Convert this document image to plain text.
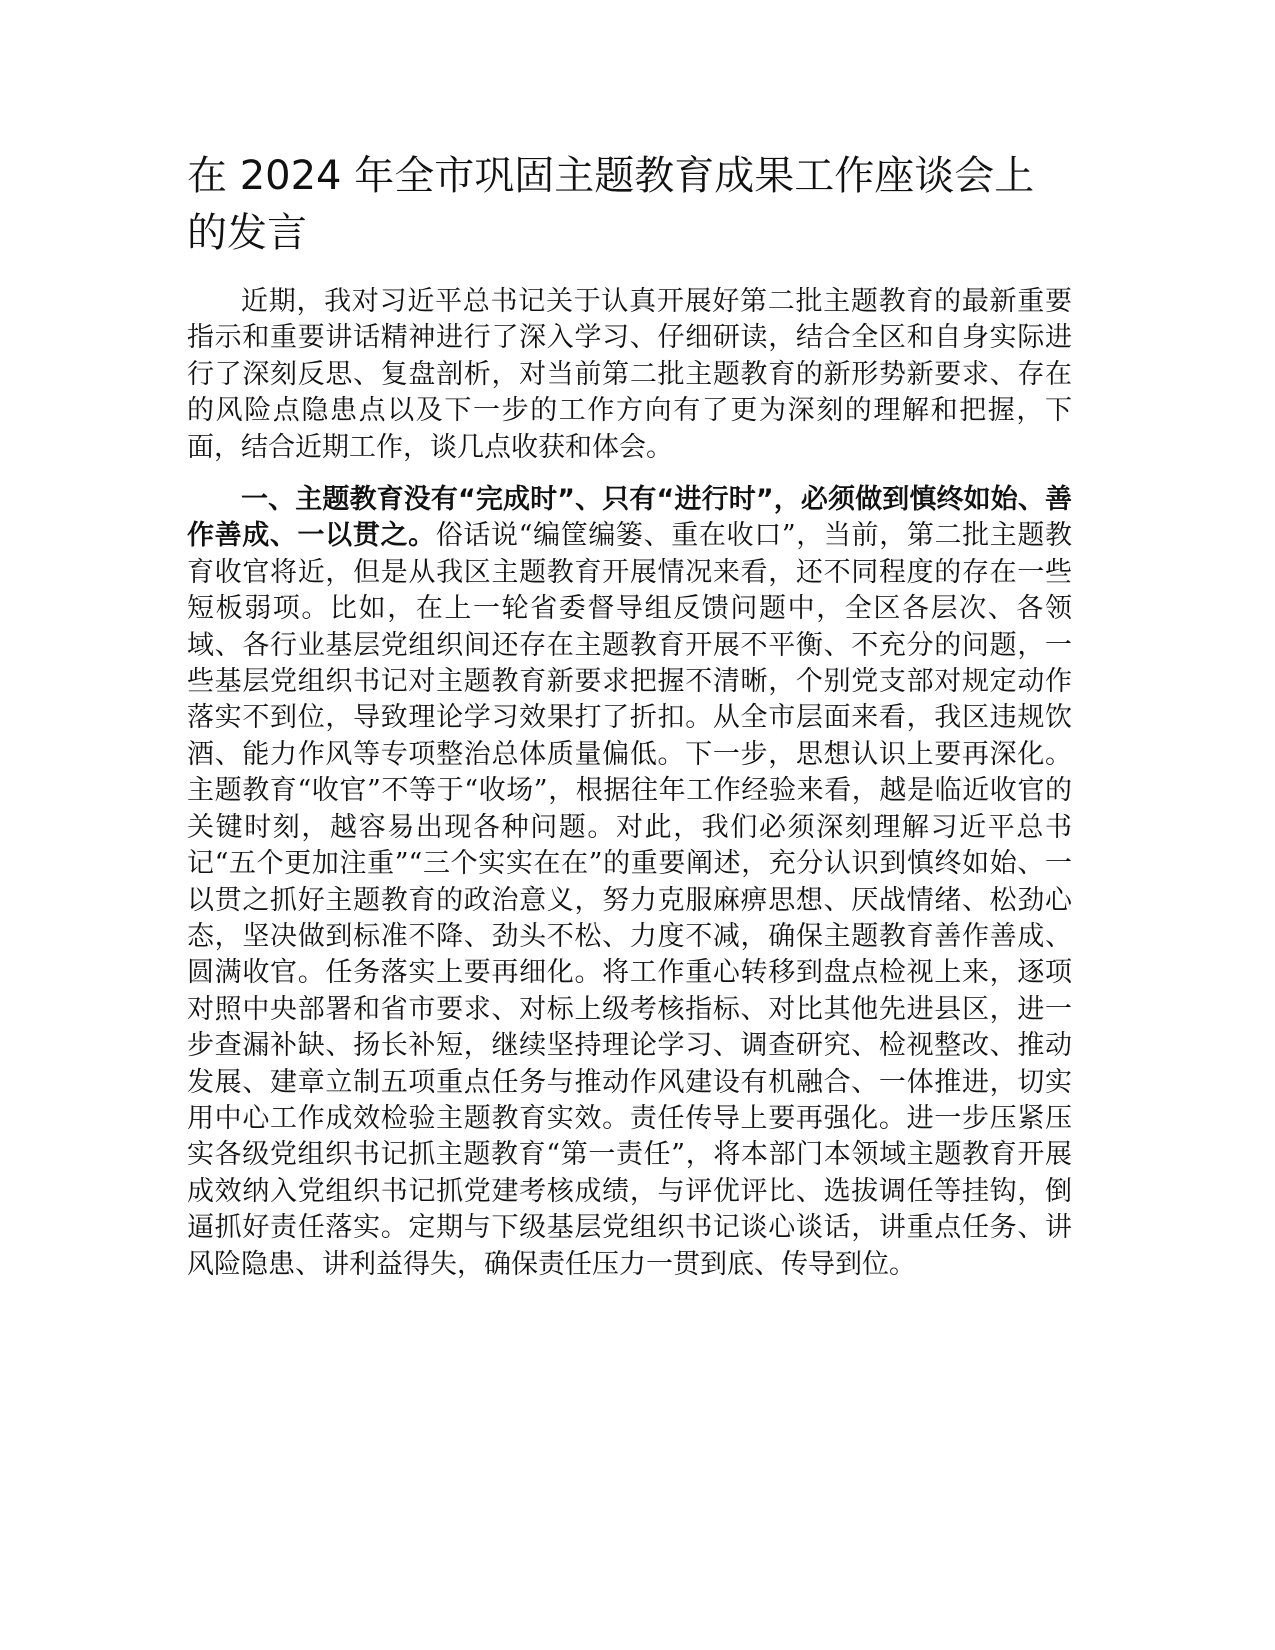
在 2024 年全市巩固主题教育成果工作座谈会上的发言

近期，我对习近平总书记关于认真开展好第二批主题教育的最新重要指示和重要讲话精神进行了深入学习、仔细研读，结合全区和自身实际进行了深刻反思、复盘剖析，对当前第二批主题教育的新形势新要求、存在的风险点隐患点以及下一步的工作方向有了更为深刻的理解和把握，下面，结合近期工作，谈几点收获和体会。

一、主题教育没有“完成时”、只有“进行时”，必须做到慎终如始、善作善成、一以贯之。俗话说“编筐编篓、重在收口”，当前，第二批主题教育收官将近，但是从我区主题教育开展情况来看，还不同程度的存在一些短板弱项。比如，在上一轮省委督导组反馈问题中，全区各层次、各领域、各行业基层党组织间还存在主题教育开展不平衡、不充分的问题，一些基层党组织书记对主题教育新要求把握不清晰，个别党支部对规定动作落实不到位，导致理论学习效果打了折扣。从全市层面来看，我区违规饮酒、能力作风等专项整治总体质量偏低。下一步，思想认识上要再深化。主题教育“收官”不等于“收场”，根据往年工作经验来看，越是临近收官的关键时刻，越容易出现各种问题。对此，我们必须深刻理解习近平总书记“五个更加注重”“三个实实在在”的重要阐述，充分认识到慎终如始、一以贯之抓好主题教育的政治意义，努力克服麻痹思想、厌战情绪、松劲心态，坚决做到标准不降、劲头不松、力度不减，确保主题教育善作善成、圆满收官。任务落实上要再细化。将工作重心转移到盘点检视上来，逐项对照中央部署和省市要求、对标上级考核指标、对比其他先进县区，进一步查漏补缺、扬长补短，继续坚持理论学习、调查研究、检视整改、推动发展、建章立制五项重点任务与推动作风建设有机融合、一体推进，切实用中心工作成效检验主题教育实效。责任传导上要再强化。进一步压紧压实各级党组织书记抓主题教育“第一责任”，将本部门本领域主题教育开展成效纳入党组织书记抓党建考核成绩，与评优评比、选拔调任等挂钩，倒逼抓好责任落实。定期与下级基层党组织书记谈心谈话，讲重点任务、讲风险隐患、讲利益得失，确保责任压力一贯到底、传导到位。
